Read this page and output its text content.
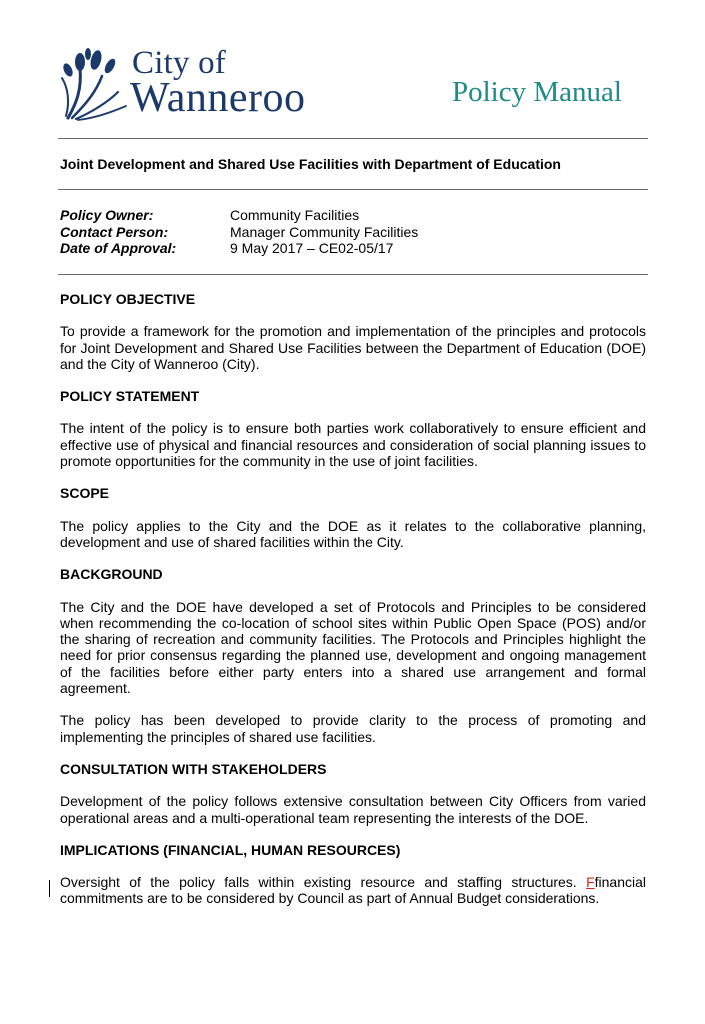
City of
Wanneroo	Policy Manual
Joint Development and Shared Use Facilities with Department of Education
Policy Owner:	Community Facilities
Contact Person:	Manager Community Facilities
Date of Approval:	9 May 2017 – CE02-05/17
POLICY OBJECTIVE

To provide a framework for the promotion and implementation of the principles and protocols for Joint Development and Shared Use Facilities between the Department of Education (DOE) and the City of Wanneroo (City).

POLICY STATEMENT

The intent of the policy is to ensure both parties work collaboratively to ensure efficient and effective use of physical and financial resources and consideration of social planning issues to promote opportunities for the community in the use of joint facilities.

SCOPE

The policy applies to the City and the DOE as it relates to the collaborative planning, development and use of shared facilities within the City.

BACKGROUND

The City and the DOE have developed a set of Protocols and Principles to be considered when recommending the co-location of school sites within Public Open Space (POS) and/or the sharing of recreation and community facilities. The Protocols and Principles highlight the need for prior consensus regarding the planned use, development and ongoing management of the facilities before either party enters into a shared use arrangement and formal agreement.

The policy has been developed to provide clarity to the process of promoting and implementing the principles of shared use facilities.

CONSULTATION WITH STAKEHOLDERS

Development of the policy follows extensive consultation between City Officers from varied operational areas and a multi-operational team representing the interests of the DOE.

IMPLICATIONS (FINANCIAL, HUMAN RESOURCES)

Oversight of the policy falls within existing resource and staffing structures. Ffinancial commitments are to be considered by Council as part of Annual Budget considerations.
